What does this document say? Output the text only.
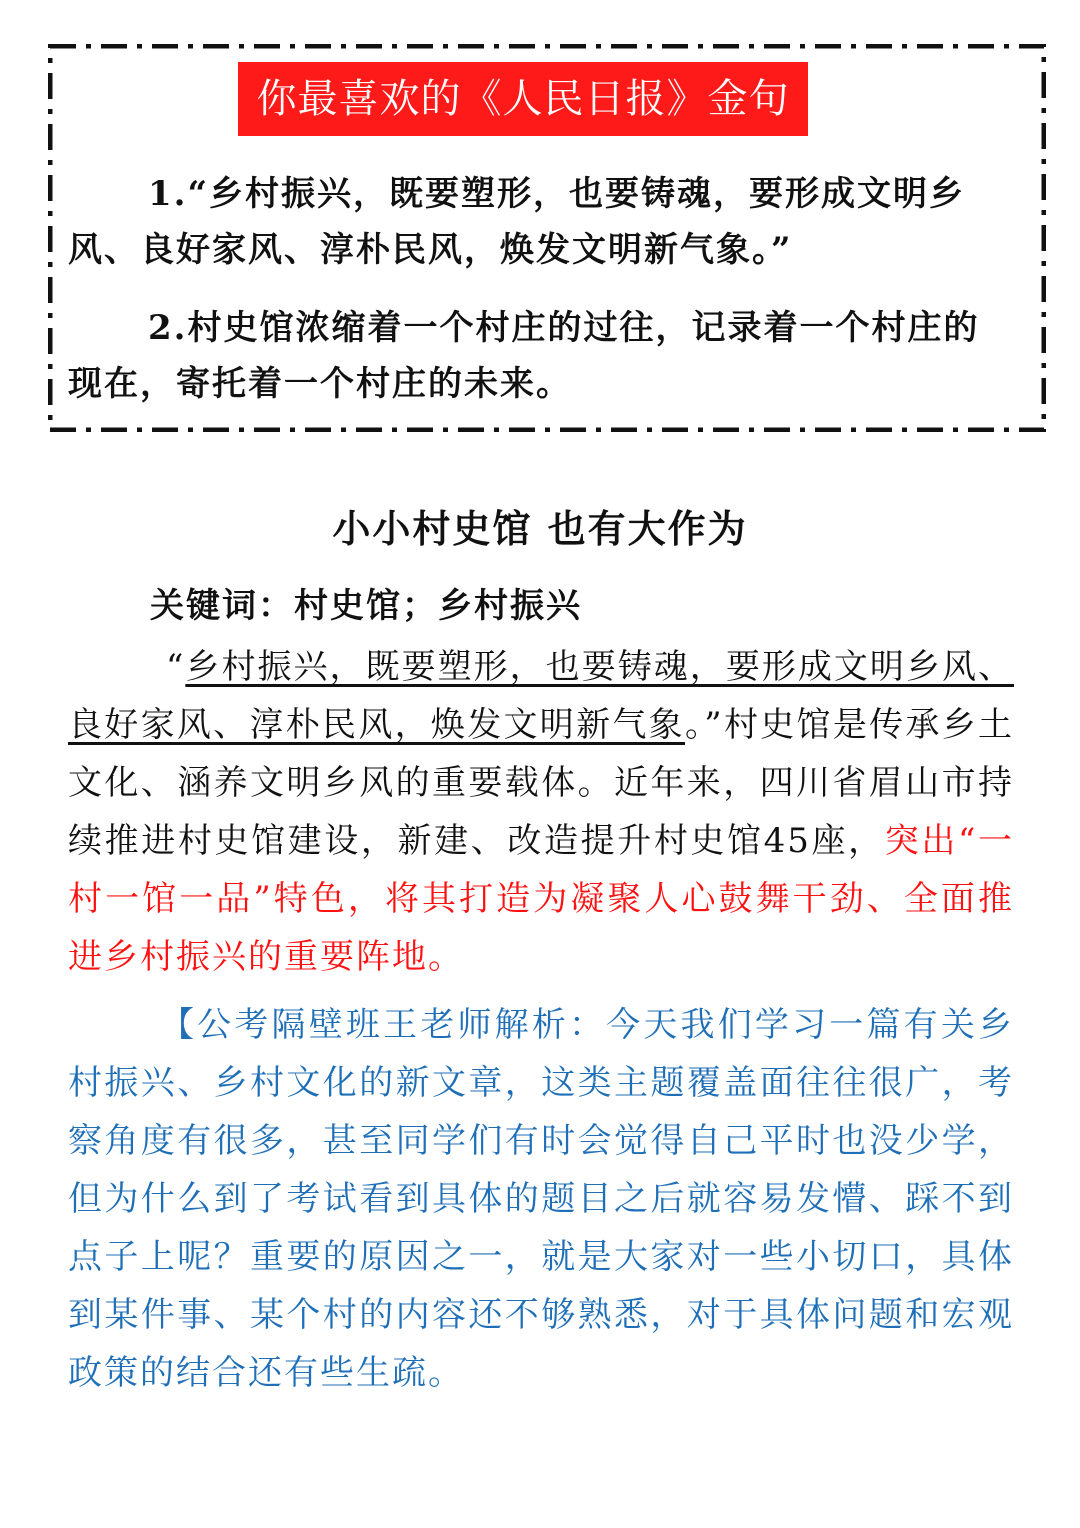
你最喜欢的《人民日报》金句

1.“乡村振兴，既要塑形，也要铸魂，要形成文明乡风、良好家风、淳朴民风，焕发文明新气象。”

2.村史馆浓缩着一个村庄的过往，记录着一个村庄的现在，寄托着一个村庄的未来。

小小村史馆 也有大作为

关键词：村史馆；乡村振兴

“乡村振兴，既要塑形，也要铸魂，要形成文明乡风、良好家风、淳朴民风，焕发文明新气象。”村史馆是传承乡土文化、涵养文明乡风的重要载体。近年来，四川省眉山市持续推进村史馆建设，新建、改造提升村史馆45座，突出“一村一馆一品”特色，将其打造为凝聚人心鼓舞干劲、全面推进乡村振兴的重要阵地。

【公考隔壁班王老师解析：今天我们学习一篇有关乡村振兴、乡村文化的新文章，这类主题覆盖面往往很广，考察角度有很多，甚至同学们有时会觉得自己平时也没少学，但为什么到了考试看到具体的题目之后就容易发懵、踩不到点子上呢？重要的原因之一，就是大家对一些小切口，具体到某件事、某个村的内容还不够熟悉，对于具体问题和宏观政策的结合还有些生疏。
